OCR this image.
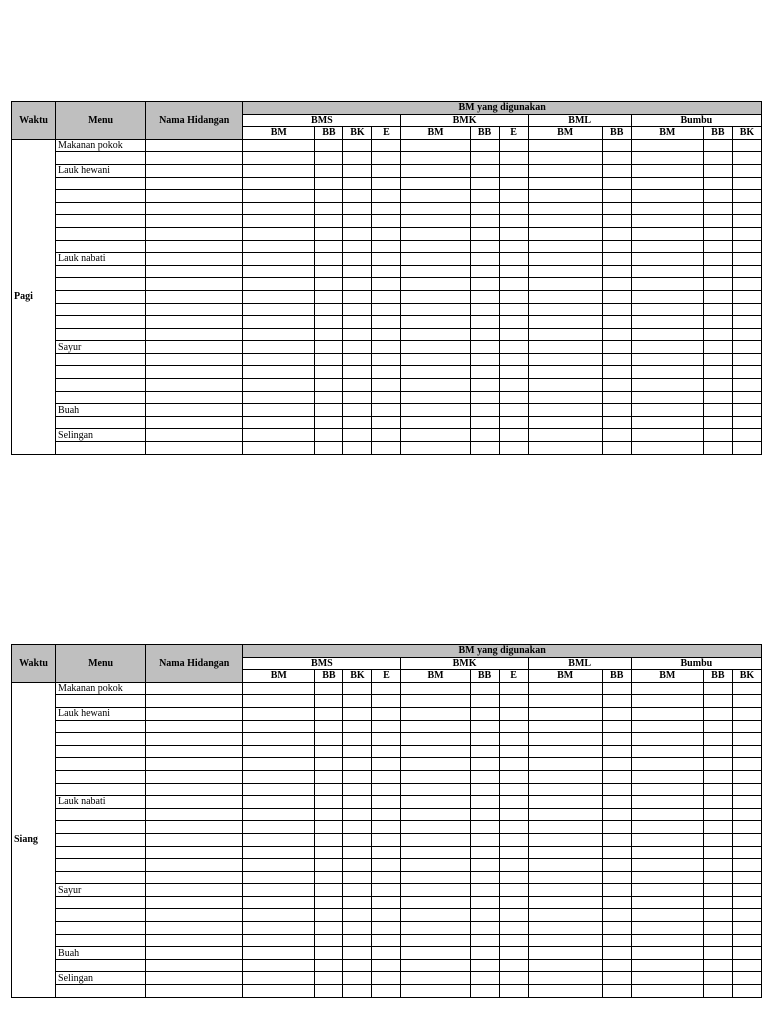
Waktu	Menu	Nama Hidangan	BM yang digunakan											
			BMS				BMK			BML		Bumbu		
			BM	BB	BK	E	BM	BB	E	BM	BB	BM	BB	BK
Pagi	Makanan pokok													

	Lauk hewani													

	Lauk nabati													

	Sayur													

	Buah													

	Selingan													

Waktu	Menu	Nama Hidangan	BM yang digunakan											
			BMS				BMK			BML		Bumbu		
			BM	BB	BK	E	BM	BB	E	BM	BB	BM	BB	BK
Siang	Makanan pokok													

	Lauk hewani													

	Lauk nabati													

	Sayur													

	Buah													

	Selingan													
